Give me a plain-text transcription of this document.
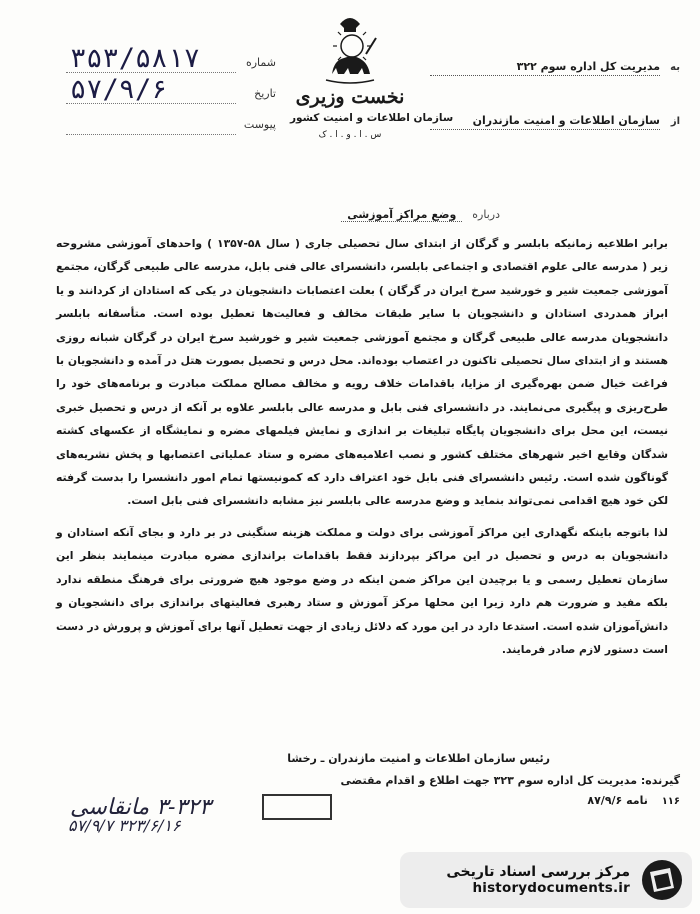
به
مدیریت کل اداره سوم ۳۲۲
از
سازمان اطلاعات و امنیت مازندران
شماره
۳۵۳/۵۸۱۷
تاریخ
۵۷/۹/۶
پیوست
نخست وزیری
سازمان اطلاعات و امنیت کشور
س . ا . و . ا . ک
درباره
وضع مراکز آموزشی

برابر اطلاعیه زمانیکه بابلسر و گرگان از ابتدای سال تحصیلی جاری ( سال ۵۸-۱۳۵۷ ) واحدهای آموزشی مشروحه زیر ( مدرسه عالی علوم اقتصادی و اجتماعی بابلسر، دانشسرای عالی فنی بابل، مدرسه عالی طبیعی گرگان، مجتمع آموزشی جمعیت شیر و خورشید سرخ ایران در گرگان ) بعلت اعتصابات دانشجویان در یکی که استادان از کردانند و یا ابراز همدردی استادان و دانشجویان با سایر طبقات مخالف و فعالیت‌ها تعطیل بوده است. متأسفانه بابلسر دانشجویان مدرسه عالی طبیعی گرگان و مجتمع آموزشی جمعیت شیر و خورشید سرخ ایران در گرگان شبانه روزی هستند و از ابتدای سال تحصیلی تاکنون در اعتصاب بوده‌اند. محل درس و تحصیل بصورت هتل در آمده و دانشجویان با فراغت خیال ضمن بهره‌گیری از مزایا، باقدامات خلاف رویه و مخالف مصالح مملکت مبادرت و برنامه‌های خود را طرح‌ریزی و پیگیری می‌نمایند. در دانشسرای فنی بابل و مدرسه عالی بابلسر علاوه بر آنکه از درس و تحصیل خبری نیست، این محل برای دانشجویان پایگاه تبلیغات بر اندازی و نمایش فیلمهای مضره و نمایشگاه از عکسهای کشته شدگان وقایع اخیر شهرهای مختلف کشور و نصب اعلامیه‌های مضره و ستاد عملیاتی اعتصابها و پخش نشریه‌های گوناگون شده است. رئیس دانشسرای فنی بابل خود اعتراف دارد که کمونیستها تمام امور دانشسرا را بدست گرفته لکن خود هیچ اقدامی نمی‌تواند بنماید و وضع مدرسه عالی بابلسر نیز مشابه دانشسرای فنی بابل است.

لذا باتوجه باینکه نگهداری این مراکز آموزشی برای دولت و مملکت هزینه سنگینی در بر دارد و بجای آنکه استادان و دانشجویان به درس و تحصیل در این مراکز بپردازند فقط باقدامات براندازی مضره مبادرت مینمایند بنظر این سازمان تعطیل رسمی و یا برچیدن این مراکز ضمن اینکه در وضع موجود هیچ ضرورتی برای فرهنگ منطقه ندارد بلکه مفید و ضرورت هم دارد زیرا این محلها مرکز آموزش و ستاد رهبری فعالیتهای براندازی برای دانشجویان و دانش‌آموزان شده است. استدعا دارد در این مورد که دلائل زیادی از جهت تعطیل آنها برای آموزش و پرورش در دست است دستور لازم صادر فرمایند.

رئیس سازمان اطلاعات و امنیت مازندران ـ رخشا
گیرنده: مدیریت کل اداره سوم ۳۲۳ جهت اطلاع و اقدام مقتضی
۱۱۶ نامه ۸۷/۹/۶
۳-۳۲۳ مانقاسی
۳۲۳/۶/۱۶ ۵۷/۹/۷
مرکز بررسی اسناد تاریخی
historydocuments.ir
